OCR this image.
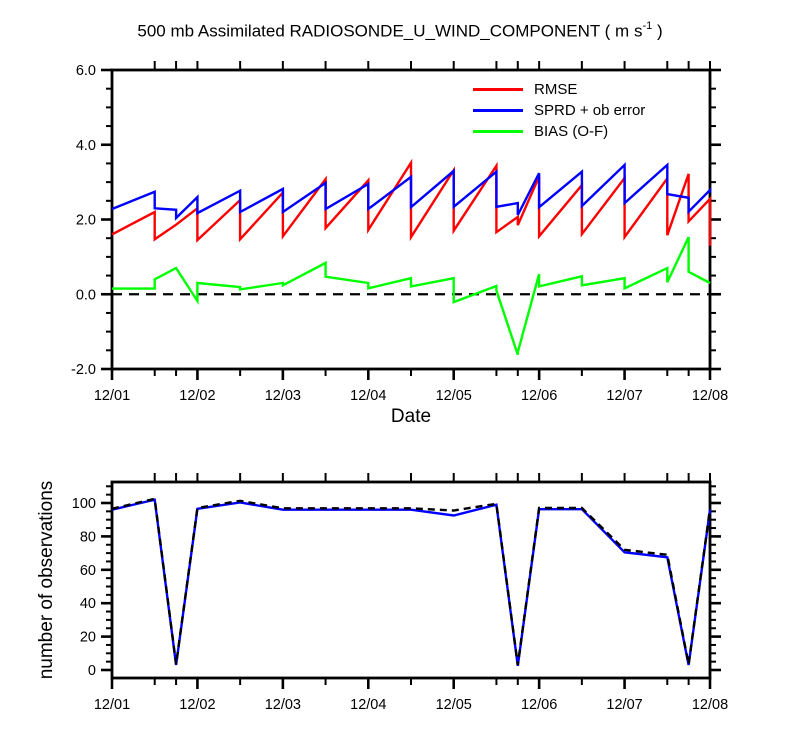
-2.0
0.0
2.0
4.0
6.0
12/01	12/02	12/03	12/04	12/05	12/06	12/07	12/08
0
20
40
60
80
100
12/01	12/02	12/03	12/04	12/05	12/06	12/07	12/08
500 mb Assimilated RADIOSONDE_U_WIND_COMPONENT ( m $s^{-1}$ )
RMSE
SPRD + ob error
BIAS (O-F)
Date
number of observations
